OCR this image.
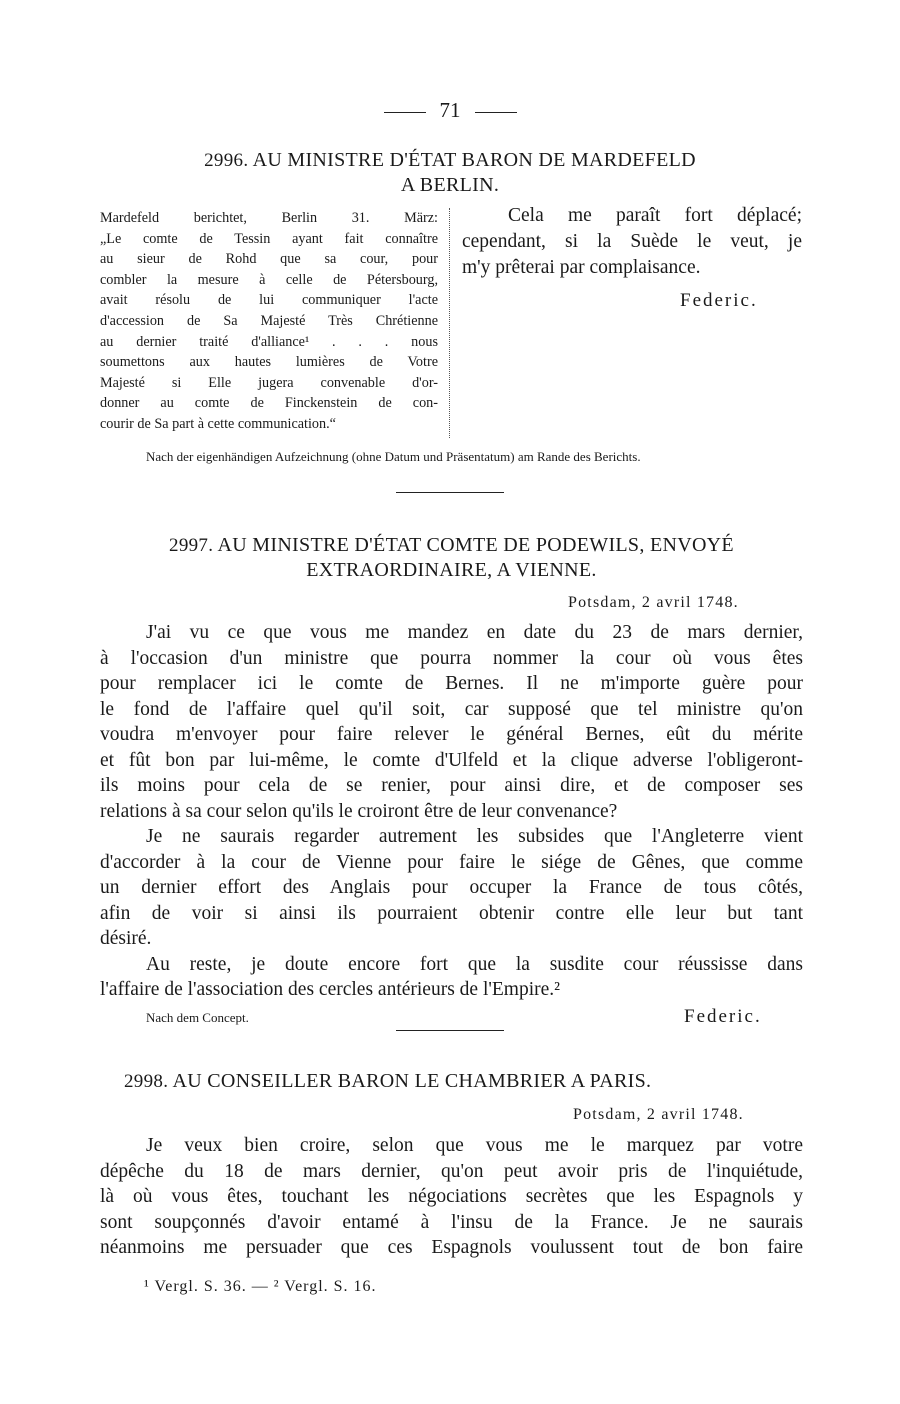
71
2996. AU MINISTRE D'ÉTAT BARON DE MARDEFELD
A BERLIN.
Mardefeld berichtet, Berlin 31. März:
„Le comte de Tessin ayant fait connaître
au sieur de Rohd que sa cour, pour
combler la mesure à celle de Pétersbourg,
avait résolu de lui communiquer l'acte
d'accession de Sa Majesté Très Chrétienne
au dernier traité d'alliance¹ . . . nous
soumettons aux hautes lumières de Votre
Majesté si Elle jugera convenable d'or-
donner au comte de Finckenstein de con-
courir de Sa part à cette communication.“
Cela me paraît fort déplacé;
cependant, si la Suède le veut, je
m'y prêterai par complaisance.
Federic.
Nach der eigenhändigen Aufzeichnung (ohne Datum und Präsentatum) am Rande des Berichts.
2997. AU MINISTRE D'ÉTAT COMTE DE PODEWILS, ENVOYÉ
EXTRAORDINAIRE, A VIENNE.
Potsdam, 2 avril 1748.

J'ai vu ce que vous me mandez en date du 23 de mars dernier,
à l'occasion d'un ministre que pourra nommer la cour où vous êtes
pour remplacer ici le comte de Bernes. Il ne m'importe guère pour
le fond de l'affaire quel qu'il soit, car supposé que tel ministre qu'on
voudra m'envoyer pour faire relever le général Bernes, eût du mérite
et fût bon par lui-même, le comte d'Ulfeld et la clique adverse l'obligeront-
ils moins pour cela de se renier, pour ainsi dire, et de composer ses
relations à sa cour selon qu'ils le croiront être de leur convenance?

Je ne saurais regarder autrement les subsides que l'Angleterre vient
d'accorder à la cour de Vienne pour faire le siége de Gênes, que comme
un dernier effort des Anglais pour occuper la France de tous côtés,
afin de voir si ainsi ils pourraient obtenir contre elle leur but tant
désiré.

Au reste, je doute encore fort que la susdite cour réussisse dans
l'affaire de l'association des cercles antérieurs de l'Empire.²

Nach dem Concept.	Federic.
2998. AU CONSEILLER BARON LE CHAMBRIER A PARIS.
Potsdam, 2 avril 1748.

Je veux bien croire, selon que vous me le marquez par votre
dépêche du 18 de mars dernier, qu'on peut avoir pris de l'inquiétude,
là où vous êtes, touchant les négociations secrètes que les Espagnols y
sont soupçonnés d'avoir entamé à l'insu de la France. Je ne saurais
néanmoins me persuader que ces Espagnols voulussent tout de bon faire

¹ Vergl. S. 36. — ² Vergl. S. 16.
